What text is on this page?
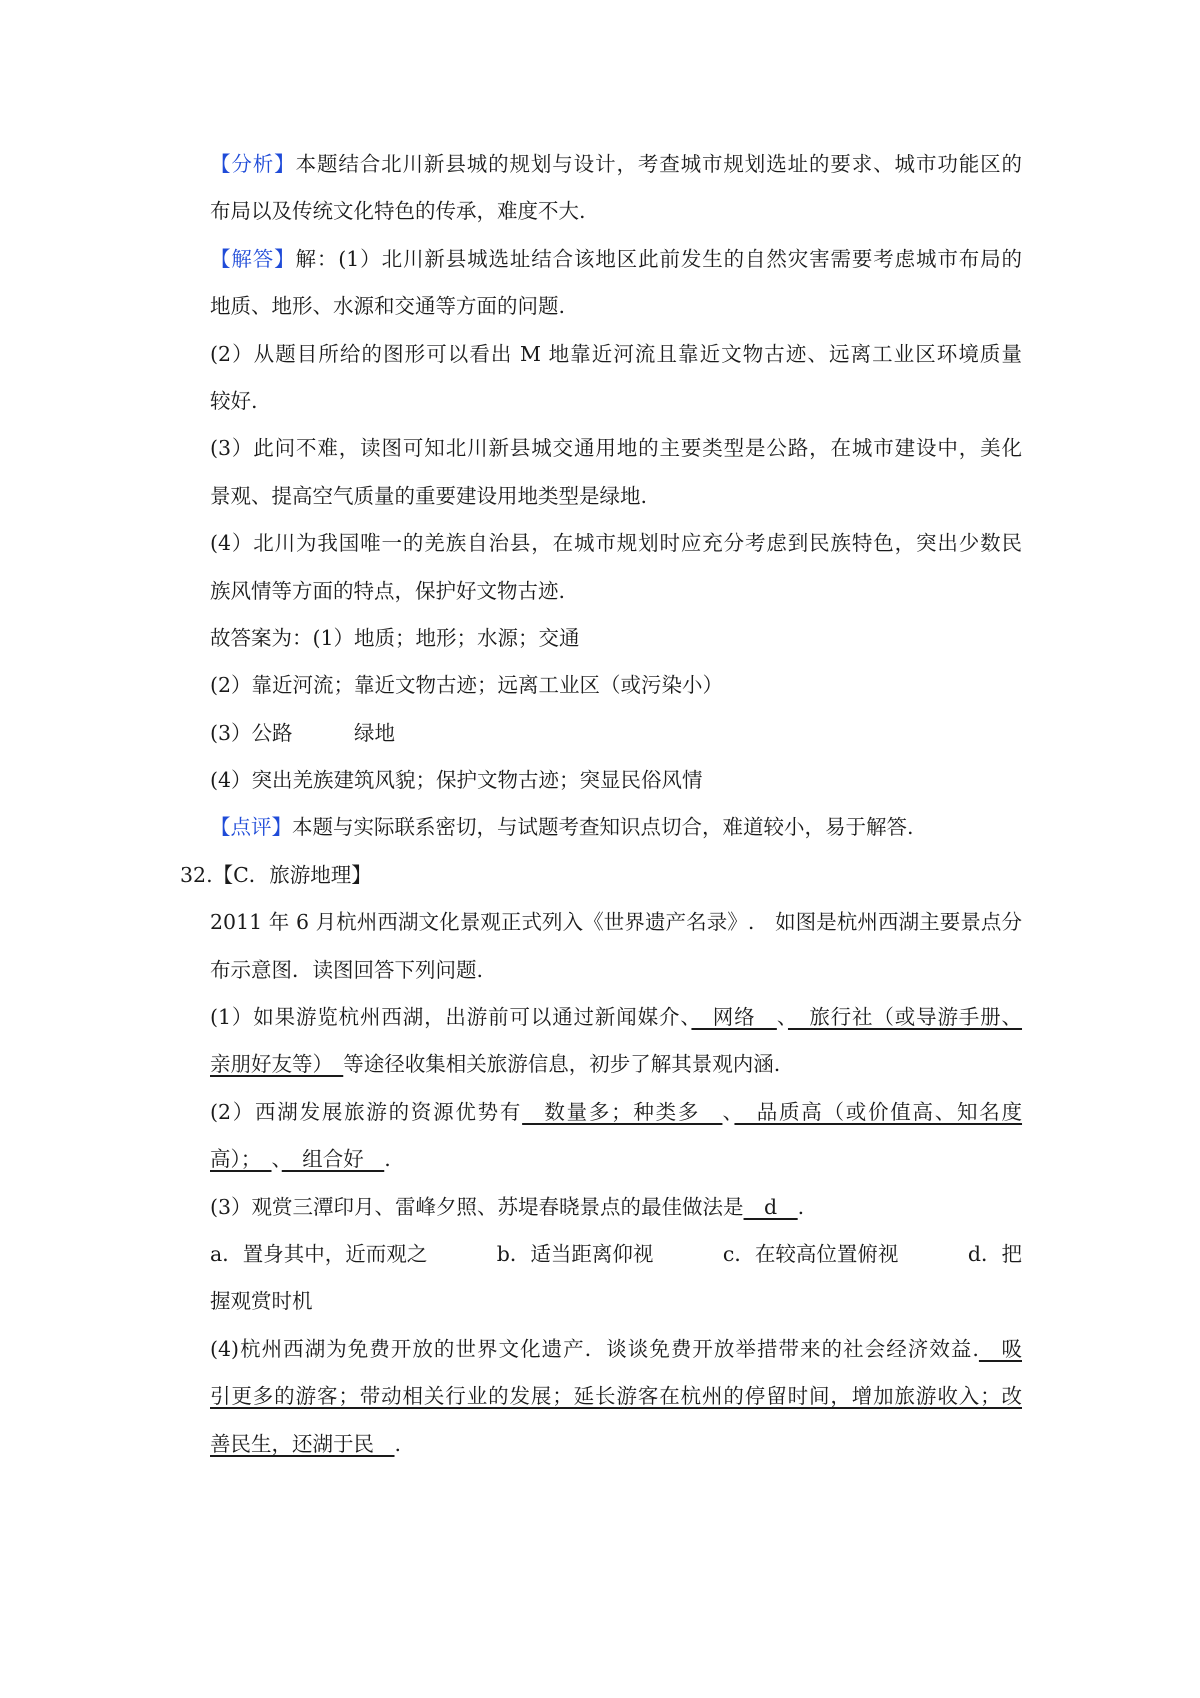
【分析】本题结合北川新县城的规划与设计，考查城市规划选址的要求、城市功能区的
布局以及传统文化特色的传承，难度不大.
【解答】解：(1）北川新县城选址结合该地区此前发生的自然灾害需要考虑城市布局的
地质、地形、水源和交通等方面的问题.
(2）从题目所给的图形可以看出 M 地靠近河流且靠近文物古迹、远离工业区环境质量
较好.
(3）此问不难，读图可知北川新县城交通用地的主要类型是公路，在城市建设中，美化
景观、提高空气质量的重要建设用地类型是绿地.
(4）北川为我国唯一的羌族自治县，在城市规划时应充分考虑到民族特色，突出少数民
族风情等方面的特点，保护好文物古迹.
故答案为：(1）地质；地形；水源；交通
(2）靠近河流；靠近文物古迹；远离工业区（或污染小）
(3）公路　　　绿地
(4）突出羌族建筑风貌；保护文物古迹；突显民俗风情
【点评】本题与实际联系密切，与试题考查知识点切合，难道较小，易于解答.
32.【C．旅游地理】
2011 年 6 月杭州西湖文化景观正式列入《世界遗产名录》.　如图是杭州西湖主要景点分
布示意图．读图回答下列问题.
(1）如果游览杭州西湖，出游前可以通过新闻媒介、　网络　、　旅行社（或导游手册、
亲朋好友等）　等途径收集相关旅游信息，初步了解其景观内涵.
(2）西湖发展旅游的资源优势有　数量多；种类多　、　品质高（或价值高、知名度
高）；　、　组合好　.
(3）观赏三潭印月、雷峰夕照、苏堤春晓景点的最佳做法是　d　.
a．置身其中，近而观之	b．适当距离仰视	c．在较高位置俯视	d．把
握观赏时机
(4)杭州西湖为免费开放的世界文化遗产．谈谈免费开放举措带来的社会经济效益.　吸
引更多的游客；带动相关行业的发展；延长游客在杭州的停留时间，增加旅游收入；改
善民生，还湖于民　.
